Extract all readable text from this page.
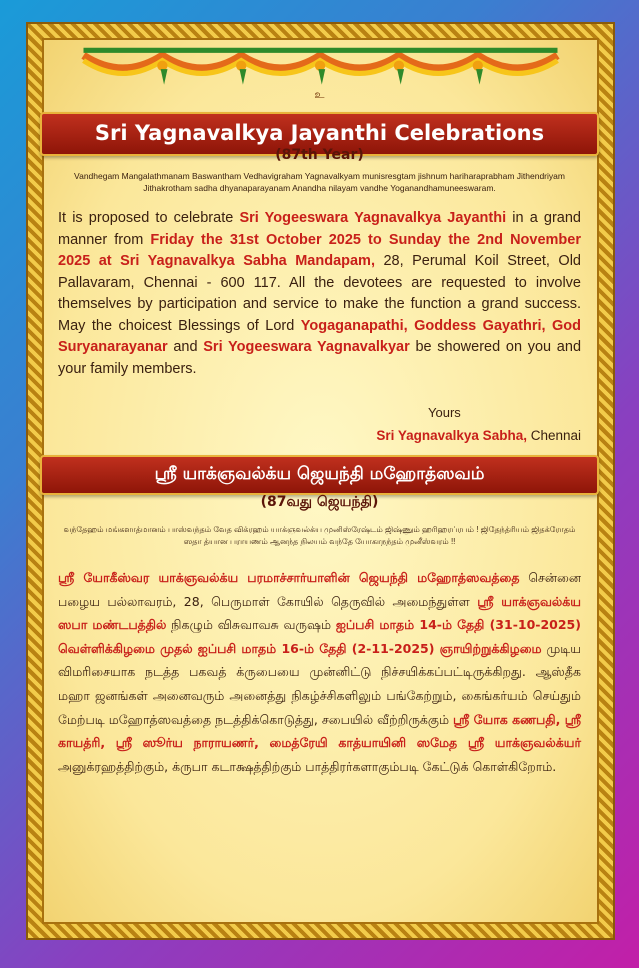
உ
Sri Yagnavalkya Jayanthi Celebrations
(87th Year)
Vandhegam Mangalathmanam Baswantham Vedhavigraham Yagnavalkyam munisresgtam jishnum hariharaprabham Jithendriyam Jithakrotham sadha dhyanaparayanam Anandha nilayam vandhe Yoganandhamuneeswaram.
It is proposed to celebrate Sri Yogeeswara Yagnavalkya Jayanthi in a grand manner from Friday the 31st October 2025 to Sunday the 2nd November 2025 at Sri Yagnavalkya Sabha Mandapam, 28, Perumal Koil Street, Old Pallavaram, Chennai - 600 117. All the devotees are requested to involve themselves by participation and service to make the function a grand success. May the choicest Blessings of Lord Yogaganapathi, Goddess Gayathri, God Suryanarayanar and Sri Yogeeswara Yagnavalkyar be showered on you and your family members.
Yours
Sri Yagnavalkya Sabha, Chennai
ஸ்ரீ யாக்ஞவல்க்ய ஜெயந்தி மஹோத்ஸவம்
(87வது ஜெயந்தி)
வந்தேஹம் மங்களாத்மானம் பாஸ்வந்தம் வேத விக்ரஹம் யாக்ஞவல்க்ய முனிஸ்ரேஷ்டம் ஜிஷ்ணும் ஹரிஹரப்ரபம் ! ஜிதேந்த்ரியம் ஜிதக்ரோதம் ஸதா த்யான பராயணம் ஆனந்த நிலயம் வந்தே யோகாநந்தம் முனீஸ்வரம் !!
ஸ்ரீ யோகீஸ்வர யாக்ஞவல்க்ய பரமாச்சார்யாளின் ஜெயந்தி மஹோத்ஸவத்தை சென்னை பழைய பல்லாவரம், 28, பெருமாள் கோயில் தெருவில் அமைந்துள்ள ஸ்ரீ யாக்ஞவல்க்ய ஸபா மண்டபத்தில் நிகழும் விசுவாவசு வருஷம் ஐப்பசி மாதம் 14-ம் தேதி (31-10-2025) வெள்ளிக்கிழமை முதல் ஐப்பசி மாதம் 16-ம் தேதி (2-11-2025) ஞாயிற்றுக்கிழமை முடிய விமரிசையாக நடத்த பகவத் க்ருபையை முன்னிட்டு நிச்சயிக்கப்பட்டிருக்கிறது. ஆஸ்தீக மஹா ஜனங்கள் அனைவரும் அனைத்து நிகழ்ச்சிகளிலும் பங்கேற்றும், கைங்கர்யம் செய்தும் மேற்படி மஹோத்ஸவத்தை நடத்திக்கொடுத்து, சபையில் வீற்றிருக்கும் ஸ்ரீ யோக கணபதி, ஸ்ரீ காயத்ரி, ஸ்ரீ ஸூர்ய நாராயணர், மைத்ரேயி காத்யாயினி ஸமேத ஸ்ரீ யாக்ஞவல்க்யர் அனுக்ரஹத்திற்கும், க்ருபா கடாக்ஷத்திற்கும் பாத்திரர்களாகும்படி கேட்டுக் கொள்கிறோம்.
